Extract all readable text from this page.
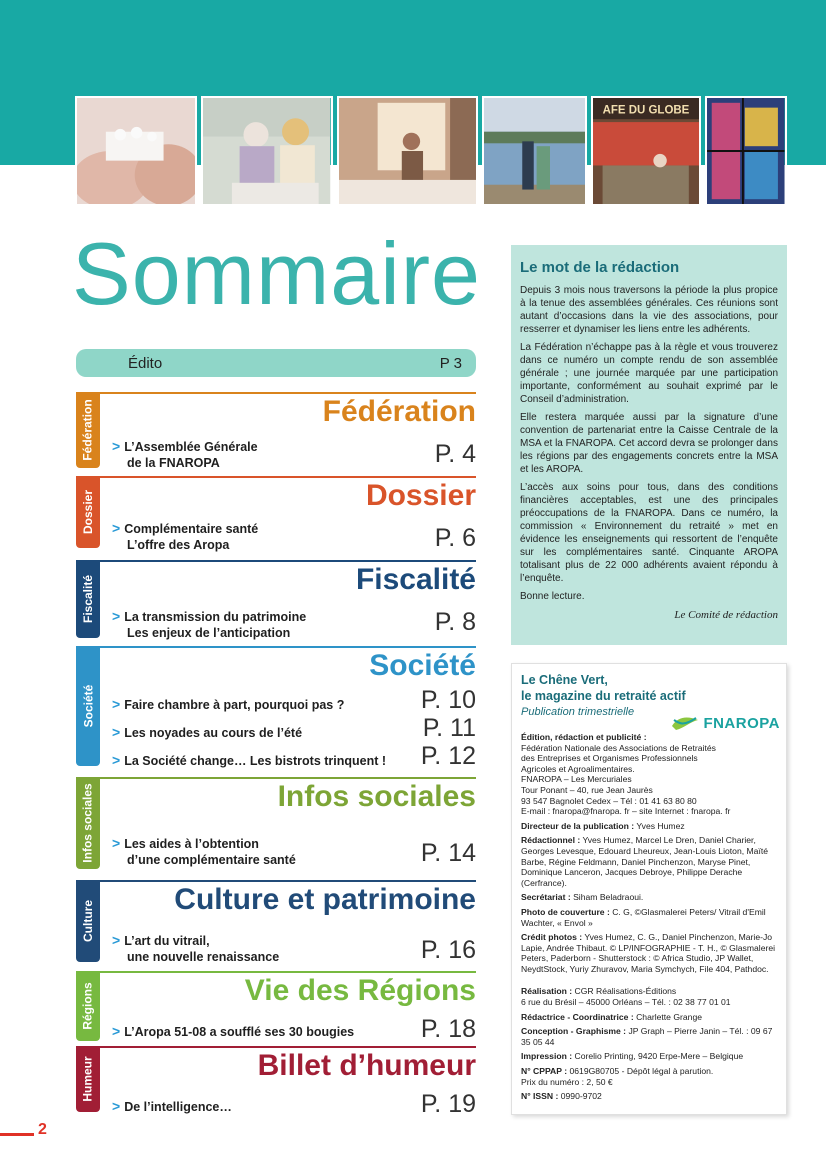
AFE DU GLOBE
Sommaire
Édito	P 3
Fédération	Fédération
> L’Assemblée Générale
de la FNAROPA	P. 4
Dossier	Dossier
> Complémentaire santé
L’offre des Aropa	P. 6
Fiscalité	Fiscalité
> La transmission du patrimoine
Les enjeux de l’anticipation	P. 8
Société
Société
> Faire chambre à part, pourquoi pas ?	P. 10
> Les noyades au cours de l’été	P. 11
> La Société change… Les bistrots trinquent !	P. 12
Infos sociales	Infos sociales
> Les aides à l’obtention
d’une complémentaire santé	P. 14
Culture
Culture et patrimoine
> L’art du vitrail,
une nouvelle renaissance	P. 16
Régions	Vie des Régions
> L’Aropa 51-08 a soufflé ses 30 bougies	P. 18
Humeur	Billet d’humeur
> De l’intelligence…	P. 19
Le mot de la rédaction

Depuis 3 mois nous traversons la période la plus propice à la tenue des assemblées générales. Ces réunions sont autant d’occasions dans la vie des associations, pour resserrer et dynamiser les liens entre les adhérents.

La Fédération n’échappe pas à la règle et vous trouverez dans ce numéro un compte rendu de son assemblée générale ; une journée marquée par une participation importante, conformément au souhait exprimé par le Conseil d’administration.

Elle restera marquée aussi par la signature d’une convention de partenariat entre la Caisse Centrale de la MSA et la FNAROPA. Cet accord devra se prolonger dans les régions par des engagements concrets entre la MSA et les AROPA.

L’accès aux soins pour tous, dans des conditions financières acceptables, est une des principales préoccupations de la FNAROPA. Dans ce numéro, la commission « Environnement du retraité » met en évidence les enseignements qui ressortent de l’enquête sur les complémentaires santé. Cinquante AROPA totalisant plus de 22 000 adhérents avaient répondu à l’enquête.

Bonne lecture.

Le Comité de rédaction
Le Chêne Vert,
le magazine du retraité actif
Publication trimestrielle
FNAROPA
Édition, rédaction et publicité :
Fédération Nationale des Associations de Retraités
des Entreprises et Organismes Professionnels
Agricoles et Agroalimentaires.
FNAROPA – Les Mercuriales
Tour Ponant – 40, rue Jean Jaurès
93 547 Bagnolet Cedex – Tél : 01 41 63 80 80
E-mail : fnaropa@fnaropa. fr – site Internet : fnaropa. fr
Directeur de la publication : Yves Humez
Rédactionnel : Yves Humez, Marcel Le Dren, Daniel Charier, Georges Levesque, Edouard Lheureux, Jean-Louis Lioton, Maïté Barbe, Régine Feldmann, Daniel Pinchenzon, Maryse Pinet, Dominique Lanceron, Jacques Debroye, Philippe Derache (Cerfrance).
Secrétariat : Siham Beladraoui.
Photo de couverture : C. G, ©Glasmalerei Peters/ Vitrail d'Emil Wachter, « Envol »
Crédit photos : Yves Humez, C. G., Daniel Pinchenzon, Marie-Jo Lapie, Andrée Thibaut. © LP/INFOGRAPHIE - T. H., © Glasmalerei Peters, Paderborn - Shutterstock : © Africa Studio, JP Wallet, NeydtStock, Yuriy Zhuravov, Maria Symchych, File 404, Pathdoc.
Réalisation : CGR Réalisations-Éditions
6 rue du Brésil – 45000 Orléans – Tél. : 02 38 77 01 01
Rédactrice - Coordinatrice : Charlette Grange
Conception - Graphisme : JP Graph – Pierre Janin – Tél. : 09 67 35 05 44
Impression : Corelio Printing, 9420 Erpe-Mere – Belgique
N° CPPAP : 0619G80705 - Dépôt légal à parution.
Prix du numéro : 2, 50 €
N° ISSN : 0990-9702
2
